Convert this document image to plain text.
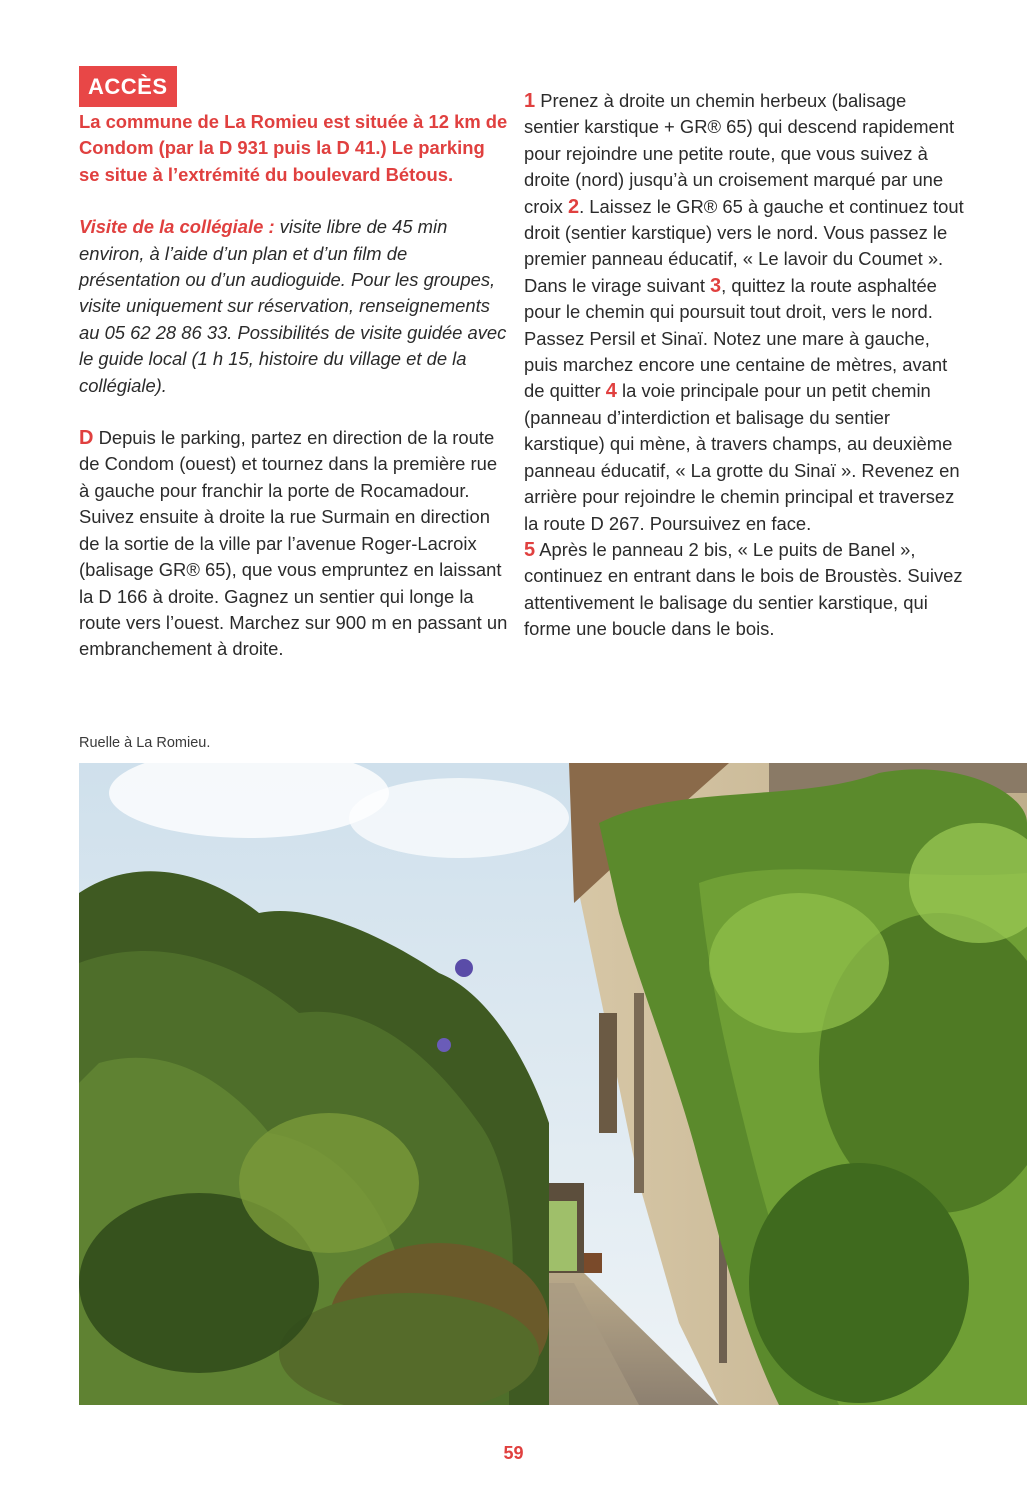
ACCÈS

La commune de La Romieu est située à 12 km de Condom (par la D 931 puis la D 41.) Le parking se situe à l’extrémité du boulevard Bétous.

Visite de la collégiale : visite libre de 45 min environ, à l’aide d’un plan et d’un film de présentation ou d’un audioguide. Pour les groupes, visite uniquement sur réservation, renseignements au 05 62 28 86 33. Possibilités de visite guidée avec le guide local (1 h 15, histoire du village et de la collégiale).

D Depuis le parking, partez en direction de la route de Condom (ouest) et tournez dans la première rue à gauche pour franchir la porte de Rocamadour. Suivez ensuite à droite la rue Surmain en direction de la sortie de la ville par l’avenue Roger-Lacroix (balisage GR® 65), que vous empruntez en laissant la D 166 à droite. Gagnez un sentier qui longe la route vers l’ouest. Marchez sur 900 m en passant un embranchement à droite.

1 Prenez à droite un chemin herbeux (balisage sentier karstique + GR® 65) qui descend rapidement pour rejoindre une petite route, que vous suivez à droite (nord) jusqu’à un croisement marqué par une croix 2. Laissez le GR® 65 à gauche et continuez tout droit (sentier karstique) vers le nord. Vous passez le premier panneau éducatif, « Le lavoir du Coumet ». Dans le virage suivant 3, quittez la route asphaltée pour le chemin qui poursuit tout droit, vers le nord. Passez Persil et Sinaï. Notez une mare à gauche, puis marchez encore une centaine de mètres, avant de quitter 4 la voie principale pour un petit chemin (panneau d’interdiction et balisage du sentier karstique) qui mène, à travers champs, au deuxième panneau éducatif, « La grotte du Sinaï ». Revenez en arrière pour rejoindre le chemin principal et traversez la route D 267. Poursuivez en face.

5 Après le panneau 2 bis, « Le puits de Banel », continuez en entrant dans le bois de Broustès. Suivez attentivement le balisage du sentier karstique, qui forme une boucle dans le bois.

Ruelle à La Romieu.
59
